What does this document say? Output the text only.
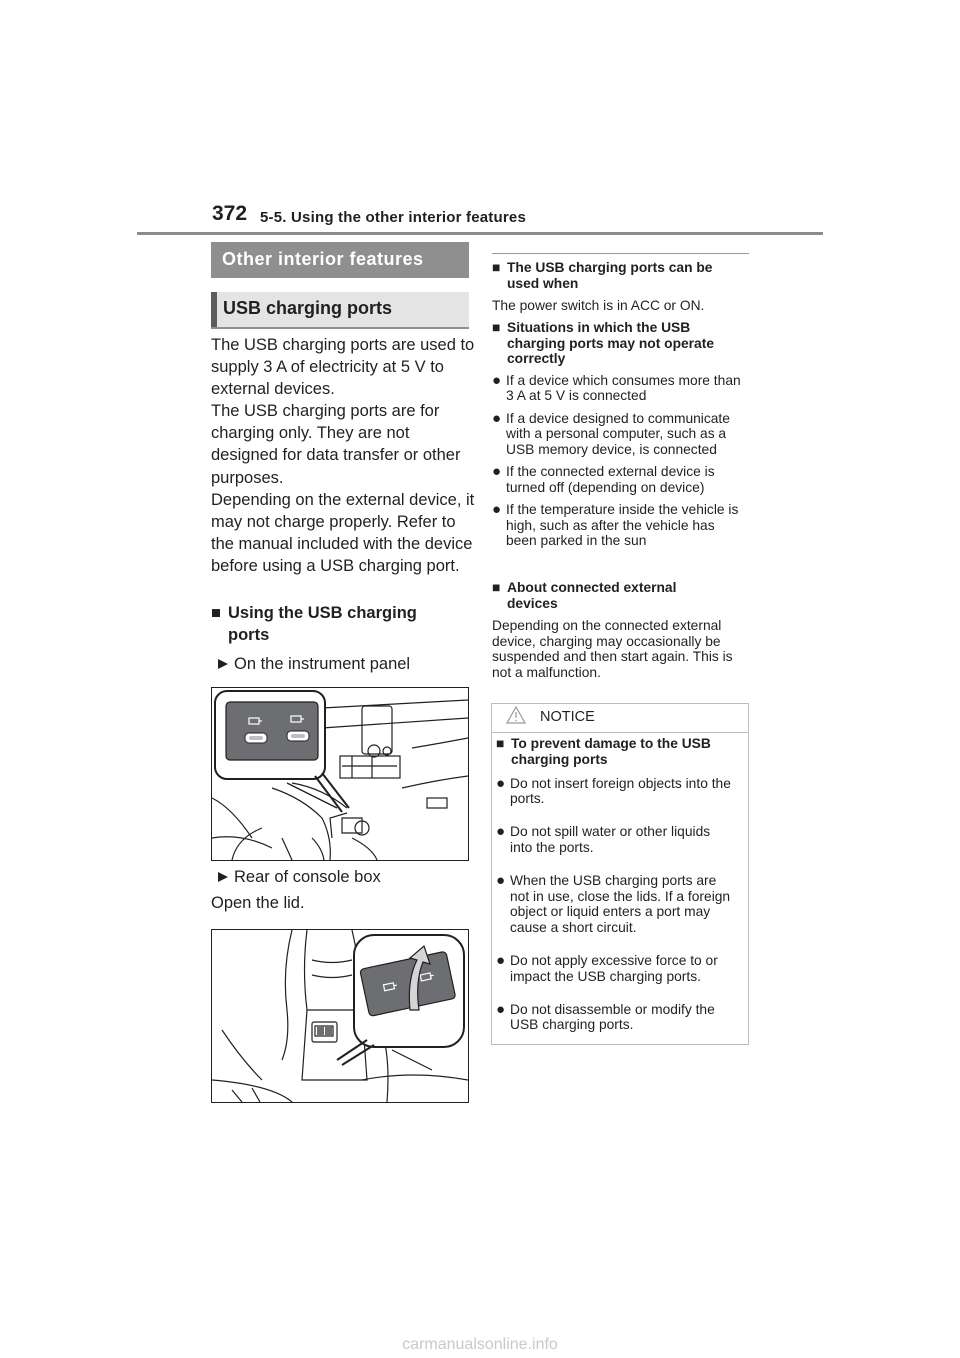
372 5-5. Using the other interior features
Other interior features
USB charging ports

The USB charging ports are used to supply 3 A of electricity at 5 V to external devices.

The USB charging ports are for charging only. They are not designed for data transfer or other purposes.

Depending on the external device, it may not charge properly. Refer to the manual included with the device before using a USB charging port.

■ Using the USB charging ports
On the instrument panel
Rear of console box
Open the lid.
■ The USB charging ports can be used when
The power switch is in ACC or ON.
■ Situations in which the USB charging ports may not operate correctly
● If a device which consumes more than 3 A at 5 V is connected
● If a device designed to communicate with a personal computer, such as a USB memory device, is connected
● If the connected external device is turned off (depending on device)
● If the temperature inside the vehicle is high, such as after the vehicle has been parked in the sun
■ About connected external devices
Depending on the connected external device, charging may occasionally be suspended and then start again. This is not a malfunction.
NOTICE
■ To prevent damage to the USB charging ports
● Do not insert foreign objects into the ports.
● Do not spill water or other liquids into the ports.
● When the USB charging ports are not in use, close the lids. If a foreign object or liquid enters a port may cause a short circuit.
● Do not apply excessive force to or impact the USB charging ports.
● Do not disassemble or modify the USB charging ports.
carmanualsonline.info
